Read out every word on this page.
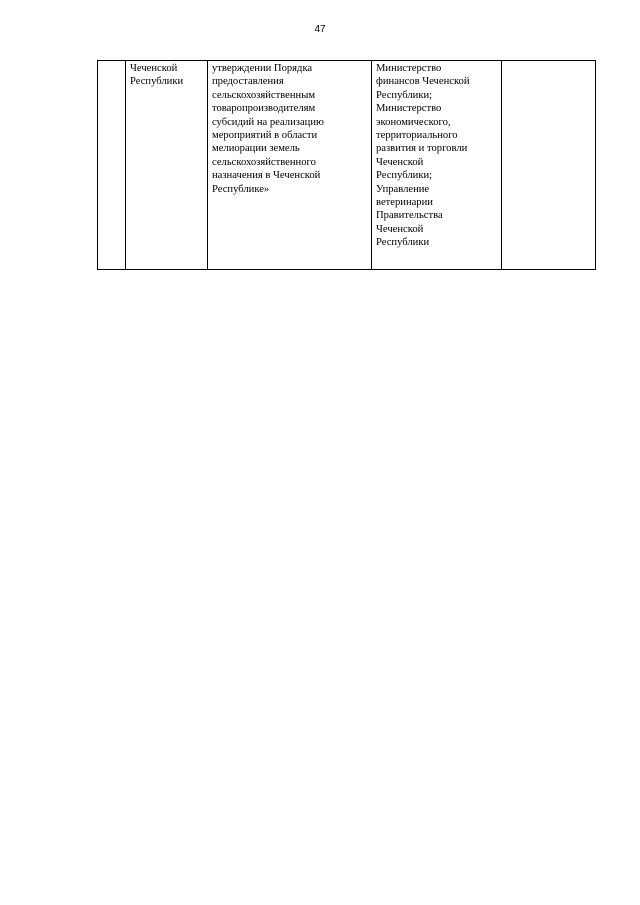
47

Чеченской
Республики

утверждении Порядка
предоставления
сельскохозяйственным
товаропроизводителям
субсидий на реализацию
мероприятий в области
мелиорации земель
сельскохозяйственного
назначения в Чеченской
Республике»

Министерство
финансов Чеченской
Республики;
Министерство
экономического,
территориального
развития и торговли
Чеченской
Республики;
Управление
ветеринарии
Правительства
Чеченской
Республики
